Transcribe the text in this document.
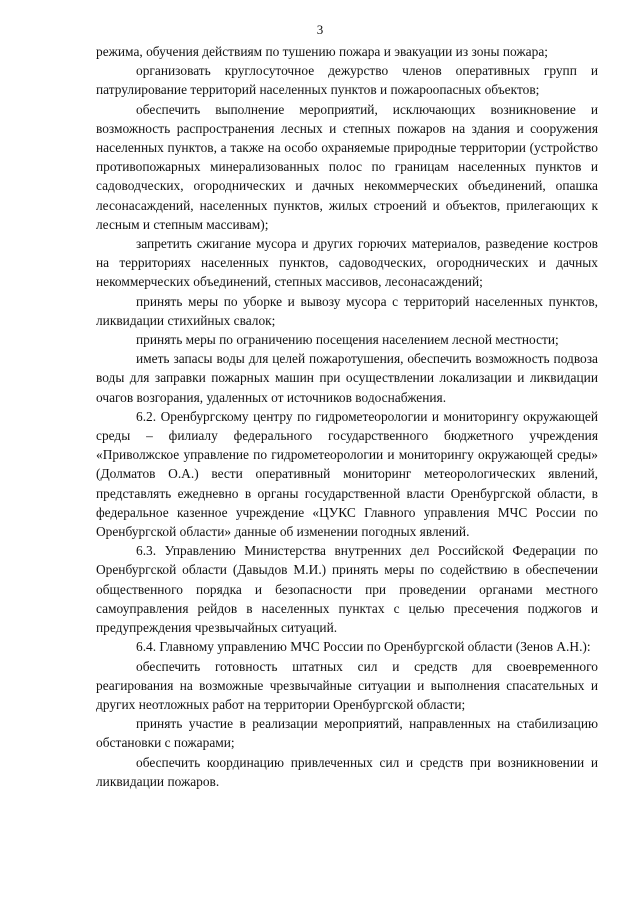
3

режима, обучения действиям по тушению пожара и эвакуации из зоны пожара;

организовать круглосуточное дежурство членов оперативных групп и патрулирование территорий населенных пунктов и пожароопасных объектов;

обеспечить выполнение мероприятий, исключающих возникновение и возможность распространения лесных и степных пожаров на здания и сооружения населенных пунктов, а также на особо охраняемые природные территории (устройство противопожарных минерализованных полос по границам населенных пунктов и садоводческих, огороднических и дачных некоммерческих объединений, опашка лесонасаждений, населенных пунктов, жилых строений и объектов, прилегающих к лесным и степным массивам);

запретить сжигание мусора и других горючих материалов, разведение костров на территориях населенных пунктов, садоводческих, огороднических и дачных некоммерческих объединений, степных массивов, лесонасаждений;

принять меры по уборке и вывозу мусора с территорий населенных пунктов, ликвидации стихийных свалок;

принять меры по ограничению посещения населением лесной местности;

иметь запасы воды для целей пожаротушения, обеспечить возможность подвоза воды для заправки пожарных машин при осуществлении локализации и ликвидации очагов возгорания, удаленных от источников водоснабжения.

6.2. Оренбургскому центру по гидрометеорологии и мониторингу окружающей среды – филиалу федерального государственного бюджетного учреждения «Приволжское управление по гидрометеорологии и мониторингу окружающей среды» (Долматов О.А.) вести оперативный мониторинг метеорологических явлений, представлять ежедневно в органы государственной власти Оренбургской области, в федеральное казенное учреждение «ЦУКС Главного управления МЧС России по Оренбургской области» данные об изменении погодных явлений.

6.3. Управлению Министерства внутренних дел Российской Федерации по Оренбургской области (Давыдов М.И.) принять меры по содействию в обеспечении общественного порядка и безопасности при проведении органами местного самоуправления рейдов в населенных пунктах с целью пресечения поджогов и предупреждения чрезвычайных ситуаций.

6.4. Главному управлению МЧС России по Оренбургской области (Зенов А.Н.):

обеспечить готовность штатных сил и средств для своевременного реагирования на возможные чрезвычайные ситуации и выполнения спасательных и других неотложных работ на территории Оренбургской области;

принять участие в реализации мероприятий, направленных на стабилизацию обстановки с пожарами;

обеспечить координацию привлеченных сил и средств при возникновении и ликвидации пожаров.
